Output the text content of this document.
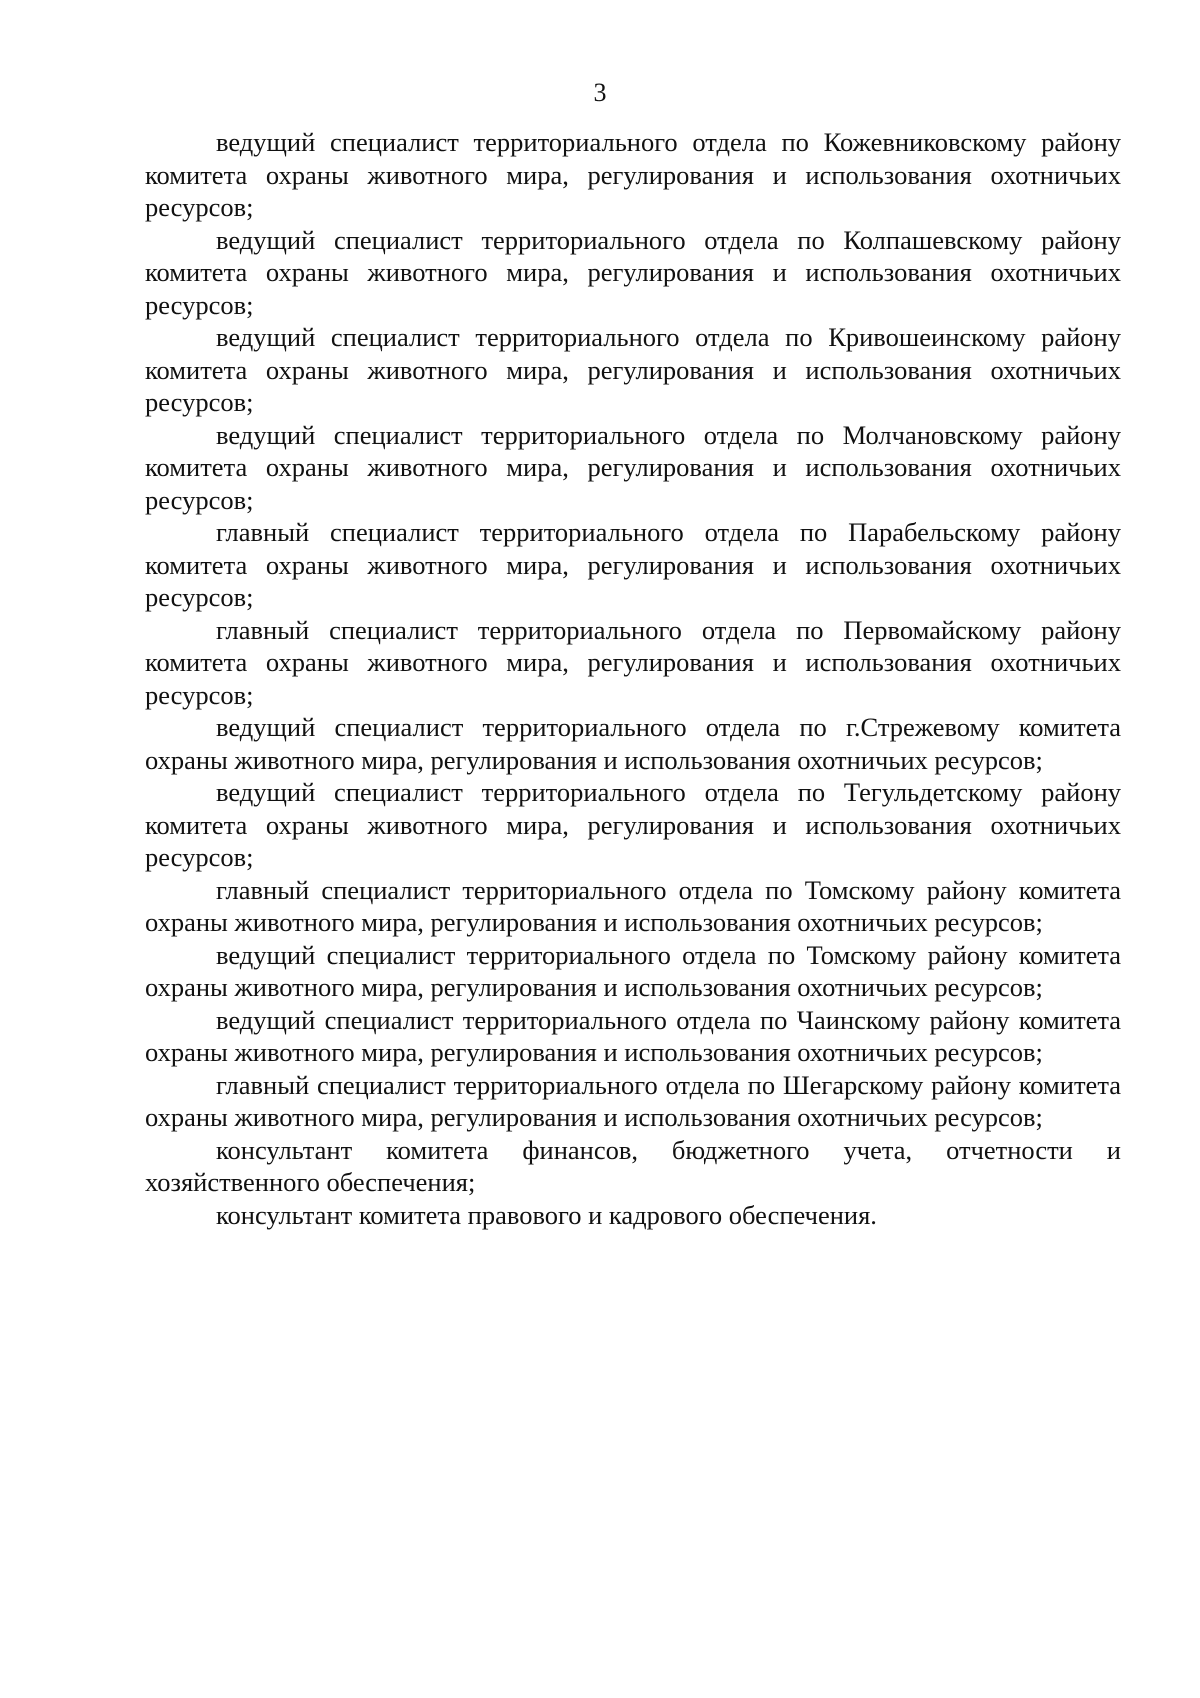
3

ведущий специалист территориального отдела по Кожевниковскому району комитета охраны животного мира, регулирования и использования охотничьих ресурсов;

ведущий специалист территориального отдела по Колпашевскому району комитета охраны животного мира, регулирования и использования охотничьих ресурсов;

ведущий специалист территориального отдела по Кривошеинскому району комитета охраны животного мира, регулирования и использования охотничьих ресурсов;

ведущий специалист территориального отдела по Молчановскому району комитета охраны животного мира, регулирования и использования охотничьих ресурсов;

главный специалист территориального отдела по Парабельскому району комитета охраны животного мира, регулирования и использования охотничьих ресурсов;

главный специалист территориального отдела по Первомайскому району комитета охраны животного мира, регулирования и использования охотничьих ресурсов;

ведущий специалист территориального отдела по г.Стрежевому комитета охраны животного мира, регулирования и использования охотничьих ресурсов;

ведущий специалист территориального отдела по Тегульдетскому району комитета охраны животного мира, регулирования и использования охотничьих ресурсов;

главный специалист территориального отдела по Томскому району комитета охраны животного мира, регулирования и использования охотничьих ресурсов;

ведущий специалист территориального отдела по Томскому району комитета охраны животного мира, регулирования и использования охотничьих ресурсов;

ведущий специалист территориального отдела по Чаинскому району комитета охраны животного мира, регулирования и использования охотничьих ресурсов;

главный специалист территориального отдела по Шегарскому району комитета охраны животного мира, регулирования и использования охотничьих ресурсов;

консультант комитета финансов, бюджетного учета, отчетности и хозяйственного обеспечения;

консультант комитета правового и кадрового обеспечения.
